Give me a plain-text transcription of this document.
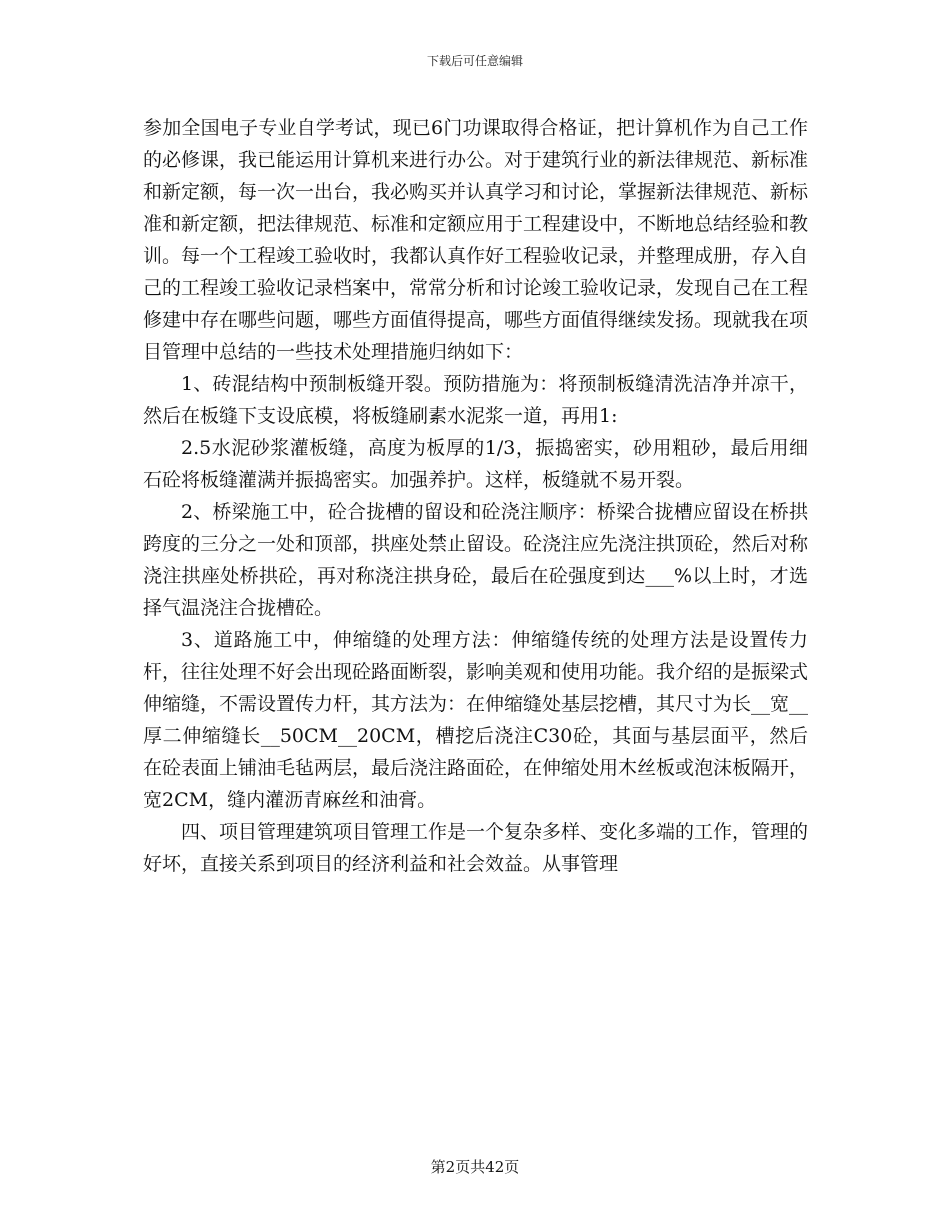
下载后可任意编辑

参加全国电子专业自学考试，现已6门功课取得合格证，把计算机作为自己工作的必修课，我已能运用计算机来进行办公。对于建筑行业的新法律规范、新标准和新定额，每一次一出台，我必购买并认真学习和讨论，掌握新法律规范、新标准和新定额，把法律规范、标准和定额应用于工程建设中，不断地总结经验和教训。每一个工程竣工验收时，我都认真作好工程验收记录，并整理成册，存入自己的工程竣工验收记录档案中，常常分析和讨论竣工验收记录，发现自己在工程修建中存在哪些问题，哪些方面值得提高，哪些方面值得继续发扬。现就我在项目管理中总结的一些技术处理措施归纳如下：

1、砖混结构中预制板缝开裂。预防措施为：将预制板缝清洗洁净并凉干，然后在板缝下支设底模，将板缝刷素水泥浆一道，再用1:

2.5水泥砂浆灌板缝，高度为板厚的1/3，振捣密实，砂用粗砂，最后用细石砼将板缝灌满并振捣密实。加强养护。这样，板缝就不易开裂。

2、桥梁施工中，砼合拢槽的留设和砼浇注顺序：桥梁合拢槽应留设在桥拱跨度的三分之一处和顶部，拱座处禁止留设。砼浇注应先浇注拱顶砼，然后对称浇注拱座处桥拱砼，再对称浇注拱身砼，最后在砼强度到达___%以上时，才选择气温浇注合拢槽砼。

3、道路施工中，伸缩缝的处理方法：伸缩缝传统的处理方法是设置传力杆，往往处理不好会出现砼路面断裂，影响美观和使用功能。我介绍的是振梁式伸缩缝，不需设置传力杆，其方法为：在伸缩缝处基层挖槽，其尺寸为长__宽__厚二伸缩缝长__50CM__20CM，槽挖后浇注C30砼，其面与基层面平，然后在砼表面上铺油毛毡两层，最后浇注路面砼，在伸缩处用木丝板或泡沫板隔开，宽2CM，缝内灌沥青麻丝和油膏。

四、项目管理建筑项目管理工作是一个复杂多样、变化多端的工作，管理的好坏，直接关系到项目的经济利益和社会效益。从事管理

第2页共42页
